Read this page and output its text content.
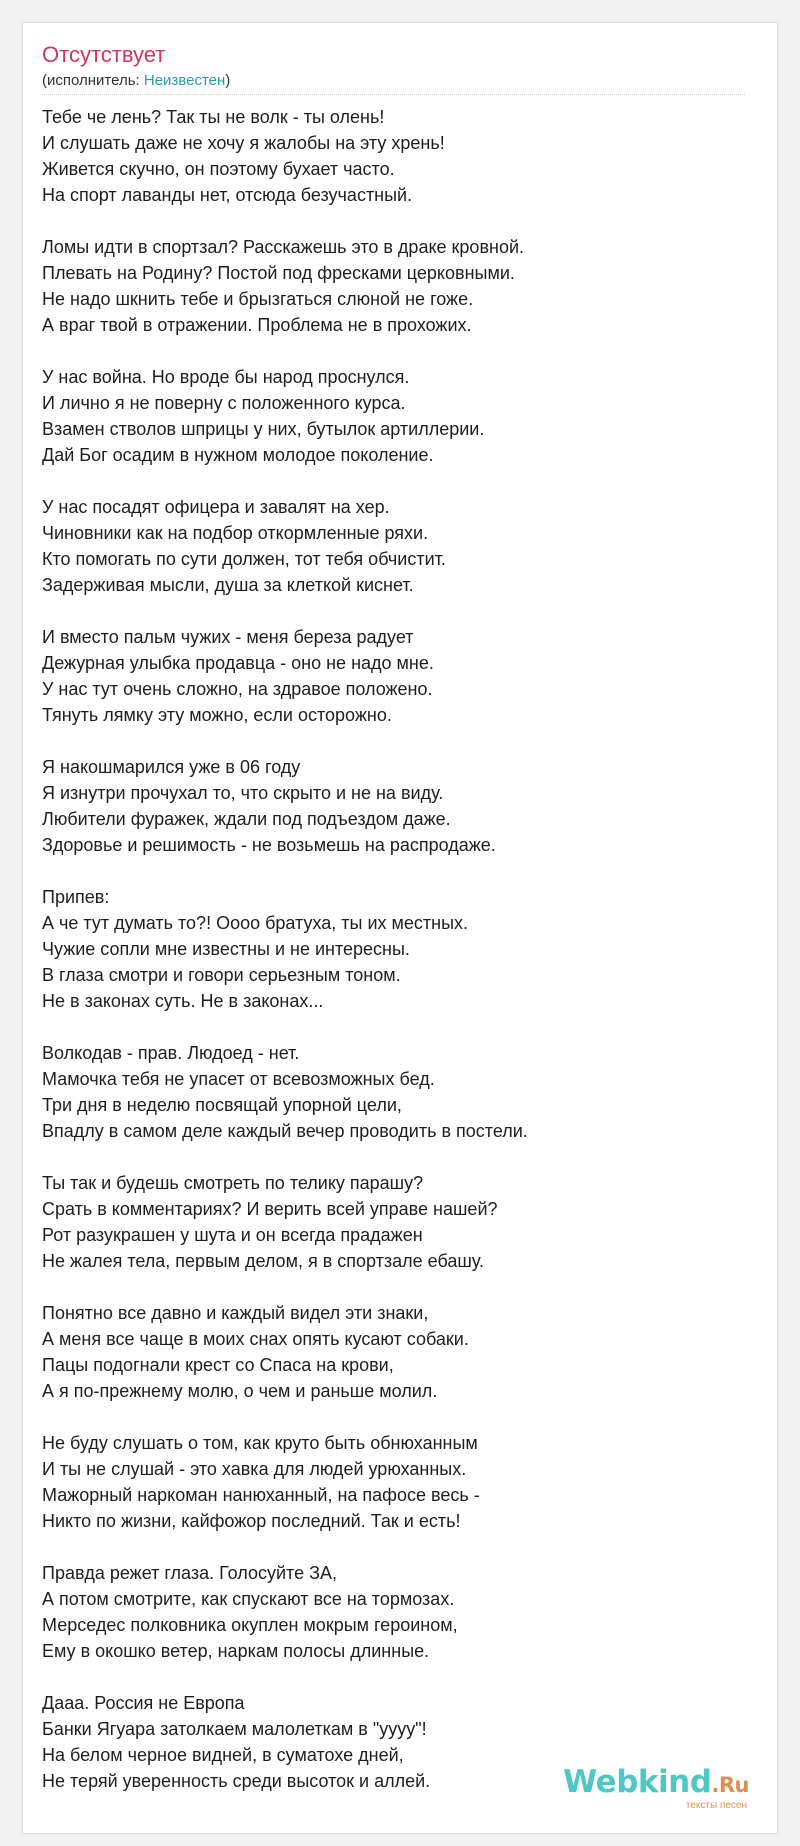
Отсутствует
(исполнитель: Неизвестен)
Тебе че лень? Так ты не волк - ты олень!
И слушать даже не хочу я жалобы на эту хрень!
Живется скучно, он поэтому бухает часто.
На спорт лаванды нет, отсюда безучастный.
Ломы идти в спортзал? Расскажешь это в драке кровной.
Плевать на Родину? Постой под фресками церковными.
Не надо шкнить тебе и брызгаться слюной не гоже.
А враг твой в отражении. Проблема не в прохожих.
У нас война. Но вроде бы народ проснулся.
И лично я не поверну с положенного курса.
Взамен стволов шприцы у них, бутылок артиллерии.
Дай Бог осадим в нужном молодое поколение.
У нас посадят офицера и завалят на хер.
Чиновники как на подбор откормленные ряхи.
Кто помогать по сути должен, тот тебя обчистит.
Задерживая мысли, душа за клеткой киснет.
И вместо пальм чужих - меня береза радует
Дежурная улыбка продавца - оно не надо мне.
У нас тут очень сложно, на здравое положено.
Тянуть лямку эту можно, если осторожно.
Я накошмарился уже в 06 году
Я изнутри прочухал то, что скрыто и не на виду.
Любители фуражек, ждали под подъездом даже.
Здоровье и решимость - не возьмешь на распродаже.
Припев:
А че тут думать то?! Оооо братуха, ты их местных.
Чужие сопли мне известны и не интересны.
В глаза смотри и говори серьезным тоном.
Не в законах суть. Не в законах...
Волкодав - прав. Людоед - нет.
Мамочка тебя не упасет от всевозможных бед.
Три дня в неделю посвящай упорной цели,
Впадлу в самом деле каждый вечер проводить в постели.
Ты так и будешь смотреть по телику парашу?
Срать в комментариях? И верить всей управе нашей?
Рот разукрашен у шута и он всегда прадажен
Не жалея тела, первым делом, я в спортзале ебашу.
Понятно все давно и каждый видел эти знаки,
А меня все чаще в моих снах опять кусают собаки.
Пацы подогнали крест со Спаса на крови,
А я по-прежнему молю, о чем и раньше молил.
Не буду слушать о том, как круто быть обнюханным
И ты не слушай - это хавка для людей урюханных.
Мажорный наркоман нанюханный, на пафосе весь -
Никто по жизни, кайфожор последний. Так и есть!
Правда режет глаза. Голосуйте ЗА,
А потом смотрите, как спускают все на тормозах.
Мерседес полковника окуплен мокрым героином,
Ему в окошко ветер, наркам полосы длинные.
Дааа. Россия не Европа
Банки Ягуара затолкаем малолеткам в "уууу"!
На белом черное видней, в суматохе дней,
Не теряй уверенность среди высоток и аллей.	Webkind.Ru
тексты песен
